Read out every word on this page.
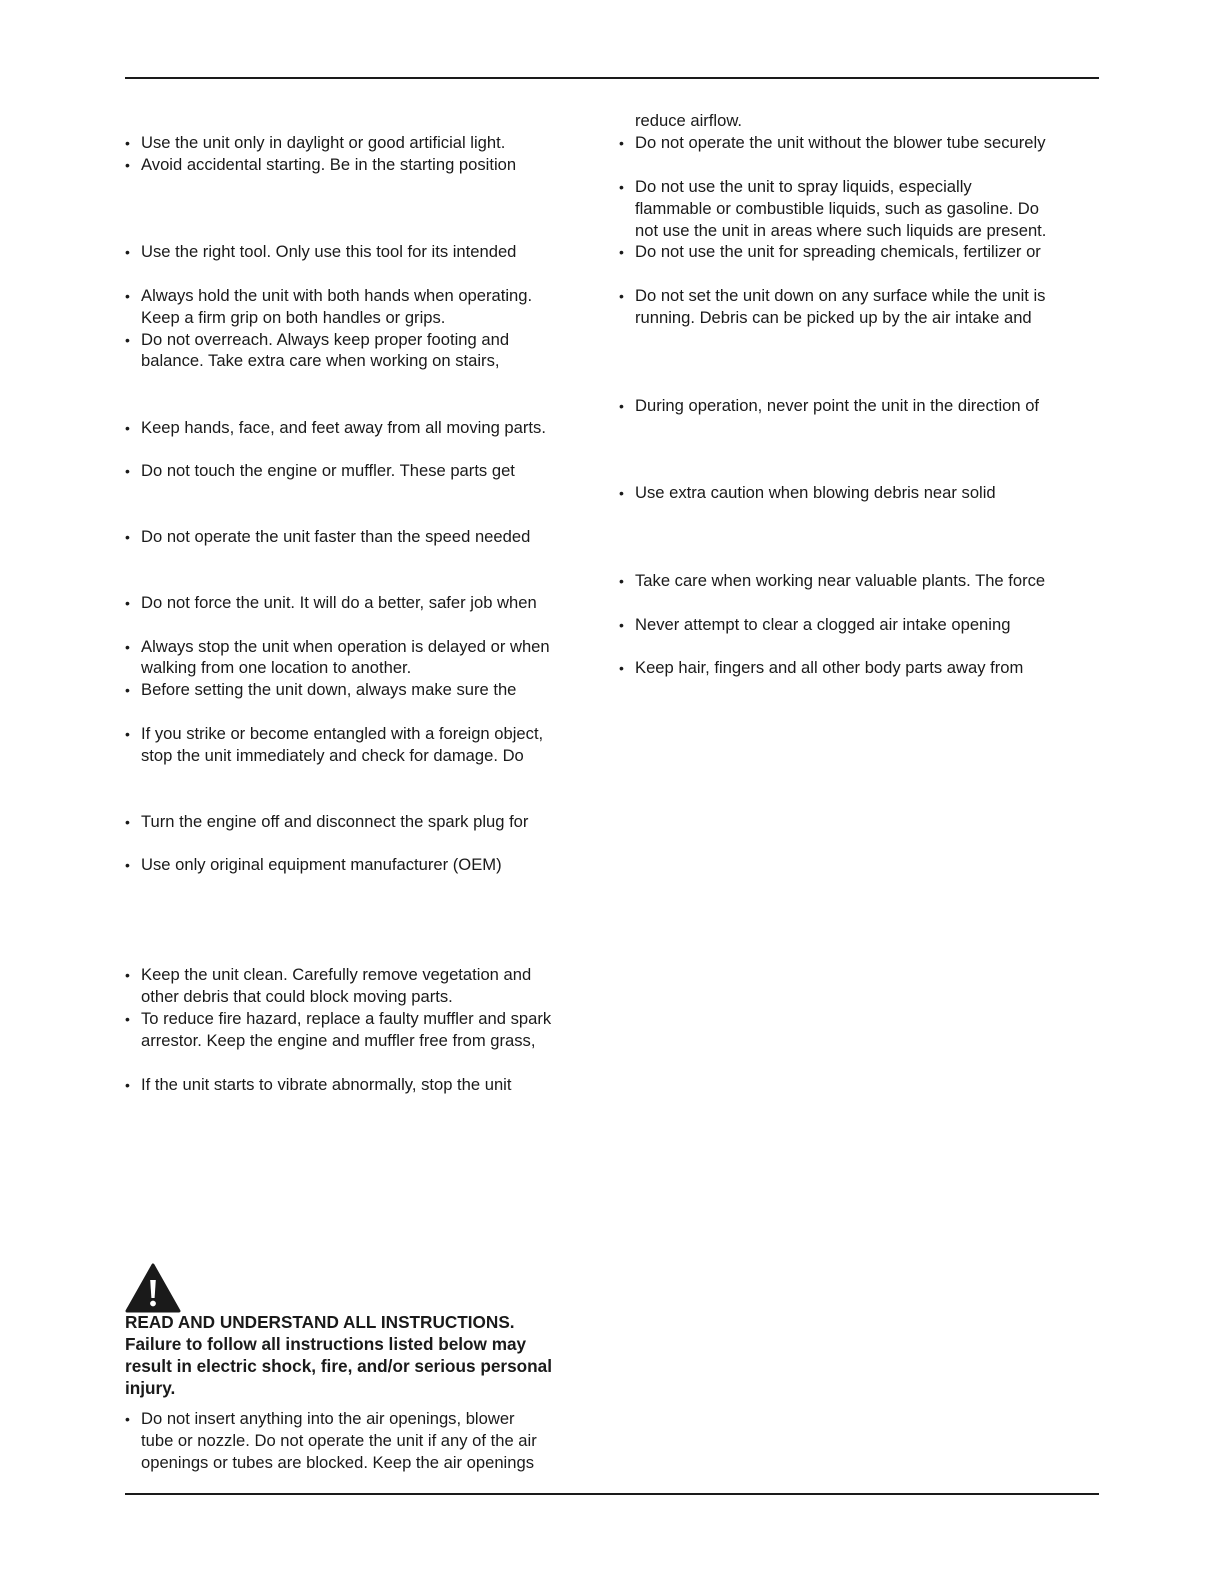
• Use the unit only in daylight or good artificial light.
• Avoid accidental starting. Be in the starting position
• Use the right tool. Only use this tool for its intended
• Always hold the unit with both hands when operating.
Keep a firm grip on both handles or grips.
• Do not overreach. Always keep proper footing and
balance. Take extra care when working on stairs,
• Keep hands, face, and feet away from all moving parts.
• Do not touch the engine or muffler. These parts get
• Do not operate the unit faster than the speed needed
• Do not force the unit. It will do a better, safer job when
• Always stop the unit when operation is delayed or when
walking from one location to another.
• Before setting the unit down, always make sure the
• If you strike or become entangled with a foreign object,
stop the unit immediately and check for damage. Do
• Turn the engine off and disconnect the spark plug for
• Use only original equipment manufacturer (OEM)
• Keep the unit clean. Carefully remove vegetation and
other debris that could block moving parts.
• To reduce fire hazard, replace a faulty muffler and spark
arrestor. Keep the engine and muffler free from grass,
• If the unit starts to vibrate abnormally, stop the unit
READ AND UNDERSTAND ALL INSTRUCTIONS.
Failure to follow all instructions listed below may
result in electric shock, fire, and/or serious personal
injury.
• Do not insert anything into the air openings, blower
tube or nozzle. Do not operate the unit if any of the air
openings or tubes are blocked. Keep the air openings
reduce airflow.
• Do not operate the unit without the blower tube securely
• Do not use the unit to spray liquids, especially
flammable or combustible liquids, such as gasoline. Do
not use the unit in areas where such liquids are present.
• Do not use the unit for spreading chemicals, fertilizer or
• Do not set the unit down on any surface while the unit is
running. Debris can be picked up by the air intake and
• During operation, never point the unit in the direction of
• Use extra caution when blowing debris near solid
• Take care when working near valuable plants. The force
• Never attempt to clear a clogged air intake opening
• Keep hair, fingers and all other body parts away from
